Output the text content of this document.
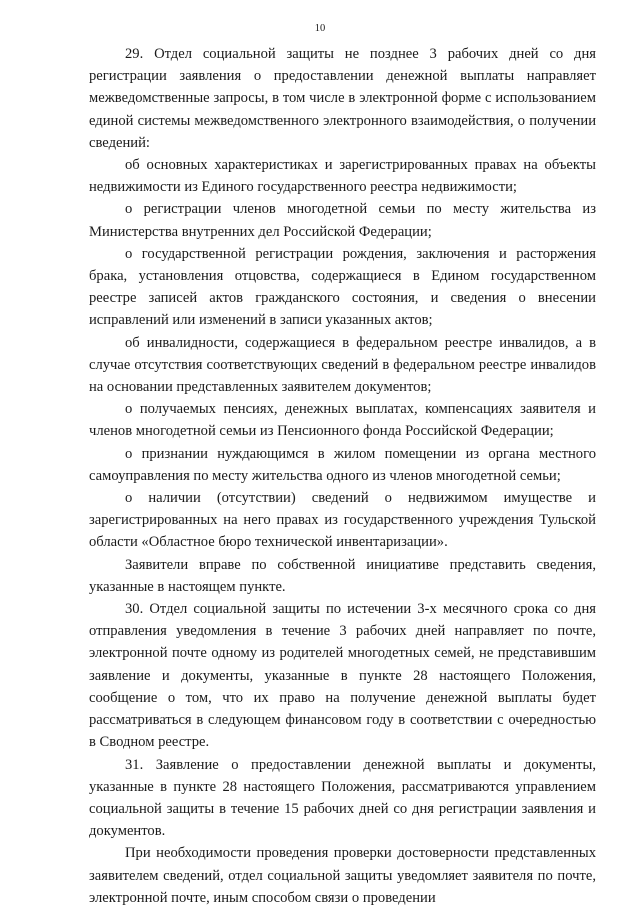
10

29. Отдел социальной защиты не позднее 3 рабочих дней со дня регистрации заявления о предоставлении денежной выплаты направляет межведомственные запросы, в том числе в электронной форме с использованием единой системы межведомственного электронного взаимодействия, о получении сведений:

об основных характеристиках и зарегистрированных правах на объекты недвижимости из Единого государственного реестра недвижимости;

о регистрации членов многодетной семьи по месту жительства из Министерства внутренних дел Российской Федерации;

о государственной регистрации рождения, заключения и расторжения брака, установления отцовства, содержащиеся в Едином государственном реестре записей актов гражданского состояния, и сведения о внесении исправлений или изменений в записи указанных актов;

об инвалидности, содержащиеся в федеральном реестре инвалидов, а в случае отсутствия соответствующих сведений в федеральном реестре инвалидов на основании представленных заявителем документов;

о получаемых пенсиях, денежных выплатах, компенсациях заявителя и членов многодетной семьи из Пенсионного фонда Российской Федерации;

о признании нуждающимся в жилом помещении из органа местного самоуправления по месту жительства одного из членов многодетной семьи;

о наличии (отсутствии) сведений о недвижимом имуществе и зарегистрированных на него правах из государственного учреждения Тульской области «Областное бюро технической инвентаризации».

Заявители вправе по собственной инициативе представить сведения, указанные в настоящем пункте.

30. Отдел социальной защиты по истечении 3-х месячного срока со дня отправления уведомления в течение 3 рабочих дней направляет по почте, электронной почте одному из родителей многодетных семей, не представившим заявление и документы, указанные в пункте 28 настоящего Положения, сообщение о том, что их право на получение денежной выплаты будет рассматриваться в следующем финансовом году в соответствии с очередностью в Сводном реестре.

31. Заявление о предоставлении денежной выплаты и документы, указанные в пункте 28 настоящего Положения, рассматриваются управлением социальной защиты в течение 15 рабочих дней со дня регистрации заявления и документов.

При необходимости проведения проверки достоверности представленных заявителем сведений, отдел социальной защиты уведомляет заявителя по почте, электронной почте, иным способом связи о проведении
